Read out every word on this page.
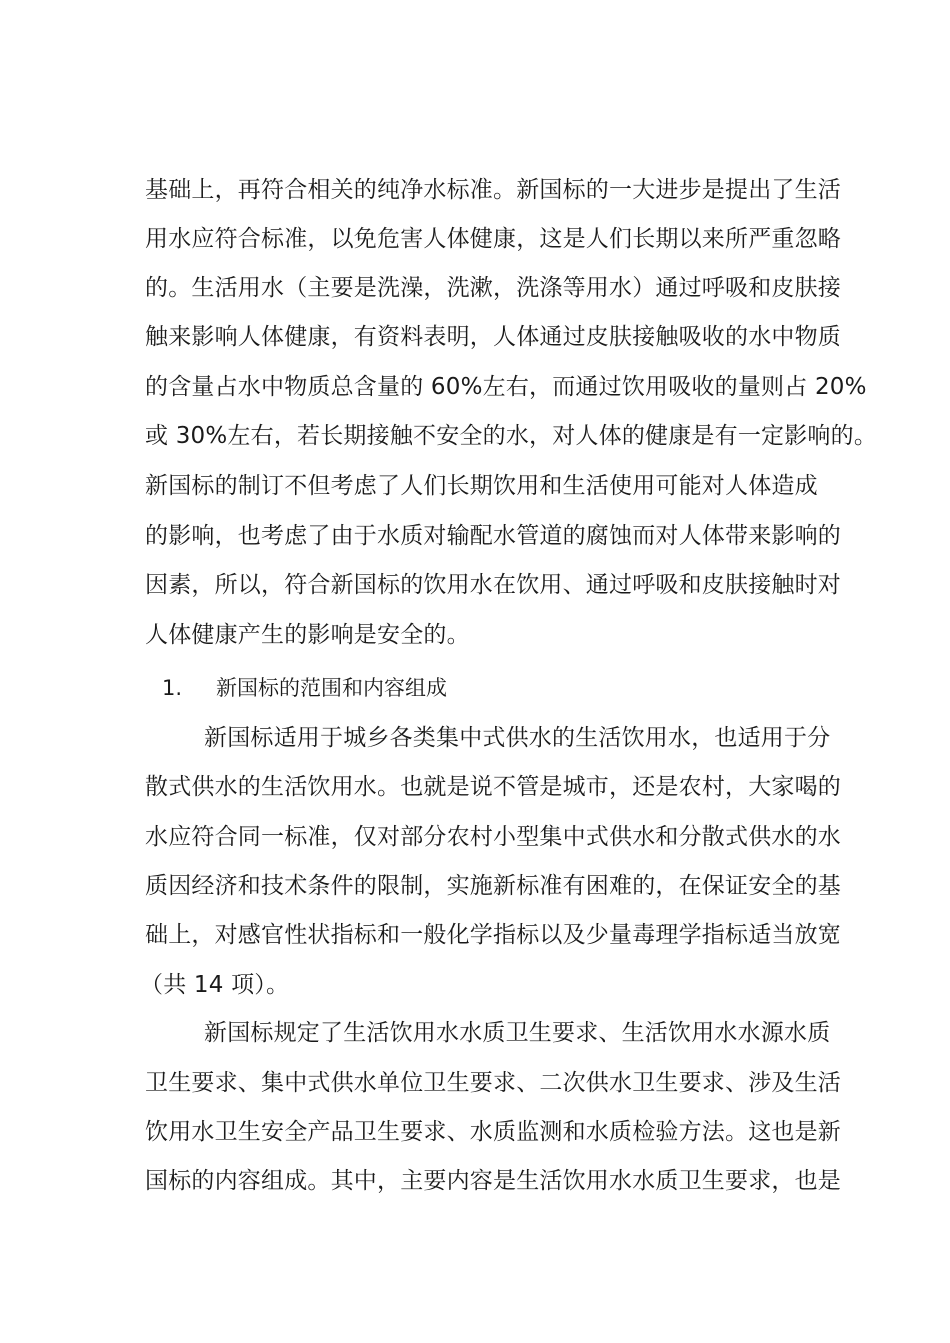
基础上，再符合相关的纯净水标准。新国标的一大进步是提出了生活
用水应符合标准，以免危害人体健康，这是人们长期以来所严重忽略
的。生活用水（主要是洗澡，洗漱，洗涤等用水）通过呼吸和皮肤接
触来影响人体健康，有资料表明，人体通过皮肤接触吸收的水中物质
的含量占水中物质总含量的 60%左右，而通过饮用吸收的量则占 20%
或 30%左右，若长期接触不安全的水，对人体的健康是有一定影响的。
新国标的制订不但考虑了人们长期饮用和生活使用可能对人体造成
的影响，也考虑了由于水质对输配水管道的腐蚀而对人体带来影响的
因素，所以，符合新国标的饮用水在饮用、通过呼吸和皮肤接触时对
人体健康产生的影响是安全的。
1. 新国标的范围和内容组成
新国标适用于城乡各类集中式供水的生活饮用水，也适用于分
散式供水的生活饮用水。也就是说不管是城市，还是农村，大家喝的
水应符合同一标准，仅对部分农村小型集中式供水和分散式供水的水
质因经济和技术条件的限制，实施新标准有困难的，在保证安全的基
础上，对感官性状指标和一般化学指标以及少量毒理学指标适当放宽
（共 14 项）。
新国标规定了生活饮用水水质卫生要求、生活饮用水水源水质
卫生要求、集中式供水单位卫生要求、二次供水卫生要求、涉及生活
饮用水卫生安全产品卫生要求、水质监测和水质检验方法。这也是新
国标的内容组成。其中，主要内容是生活饮用水水质卫生要求，也是
